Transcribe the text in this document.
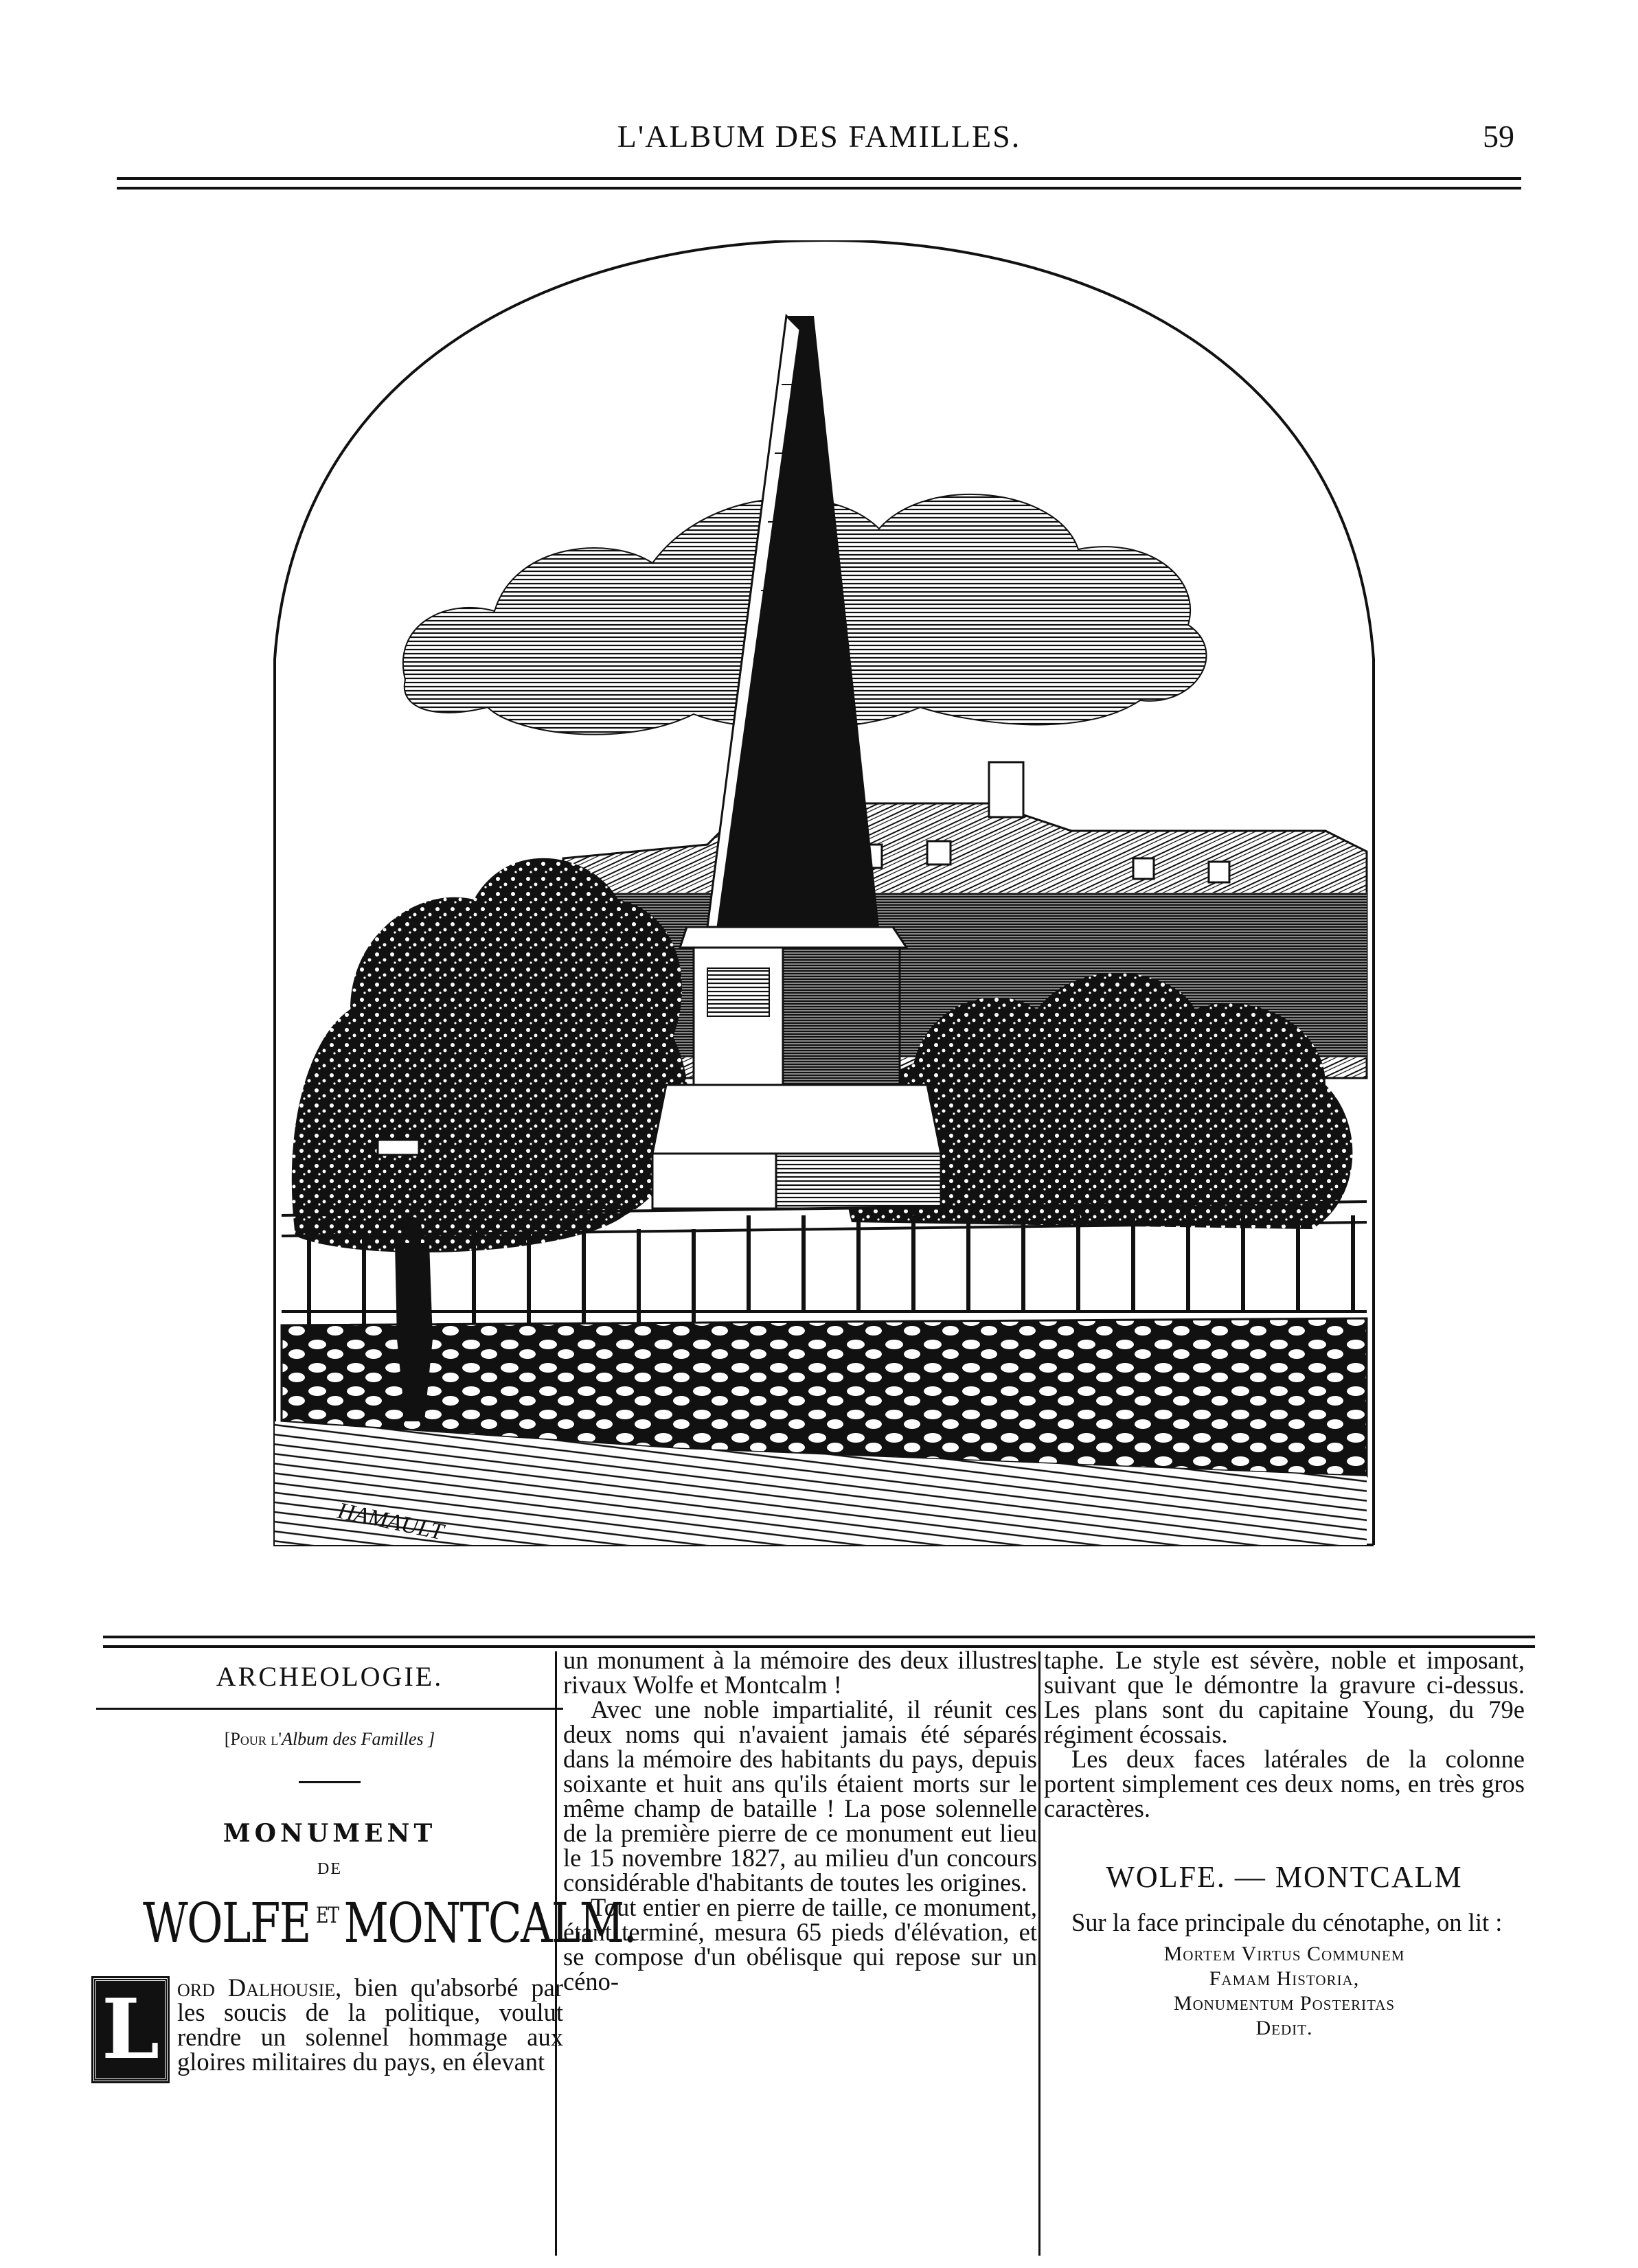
L'ALBUM DES FAMILLES.	59
HAMAULT
ARCHEOLOGIE.
[Pour l'Album des Familles ]
MONUMENT
DE
WOLFE $^{ET}$ MONTCALM.
L ord Dalhousie, bien qu'absorbé par les soucis de la politique, voulut rendre un solennel hommage aux gloires militaires du pays, en élevant

un monument à la mémoire des deux illustres rivaux Wolfe et Montcalm !

Avec une noble impartialité, il réunit ces deux noms qui n'avaient jamais été séparés dans la mémoire des habitants du pays, depuis soixante et huit ans qu'ils étaient morts sur le même champ de bataille ! La pose solennelle de la première pierre de ce monument eut lieu le 15 novembre 1827, au milieu d'un concours considérable d'habitants de toutes les origines.

Tout entier en pierre de taille, ce monument, étant terminé, mesura 65 pieds d'élévation, et se compose d'un obélisque qui repose sur un céno-

taphe. Le style est sévère, noble et imposant, suivant que le démontre la gravure ci-dessus. Les plans sont du capitaine Young, du 79e régiment écossais.

Les deux faces latérales de la colonne portent simplement ces deux noms, en très gros caractères.

WOLFE. — MONTCALM

Sur la face principale du cénotaphe, on lit :

Mortem Virtus Communem
Famam Historia,
Monumentum Posteritas
Dedit.
